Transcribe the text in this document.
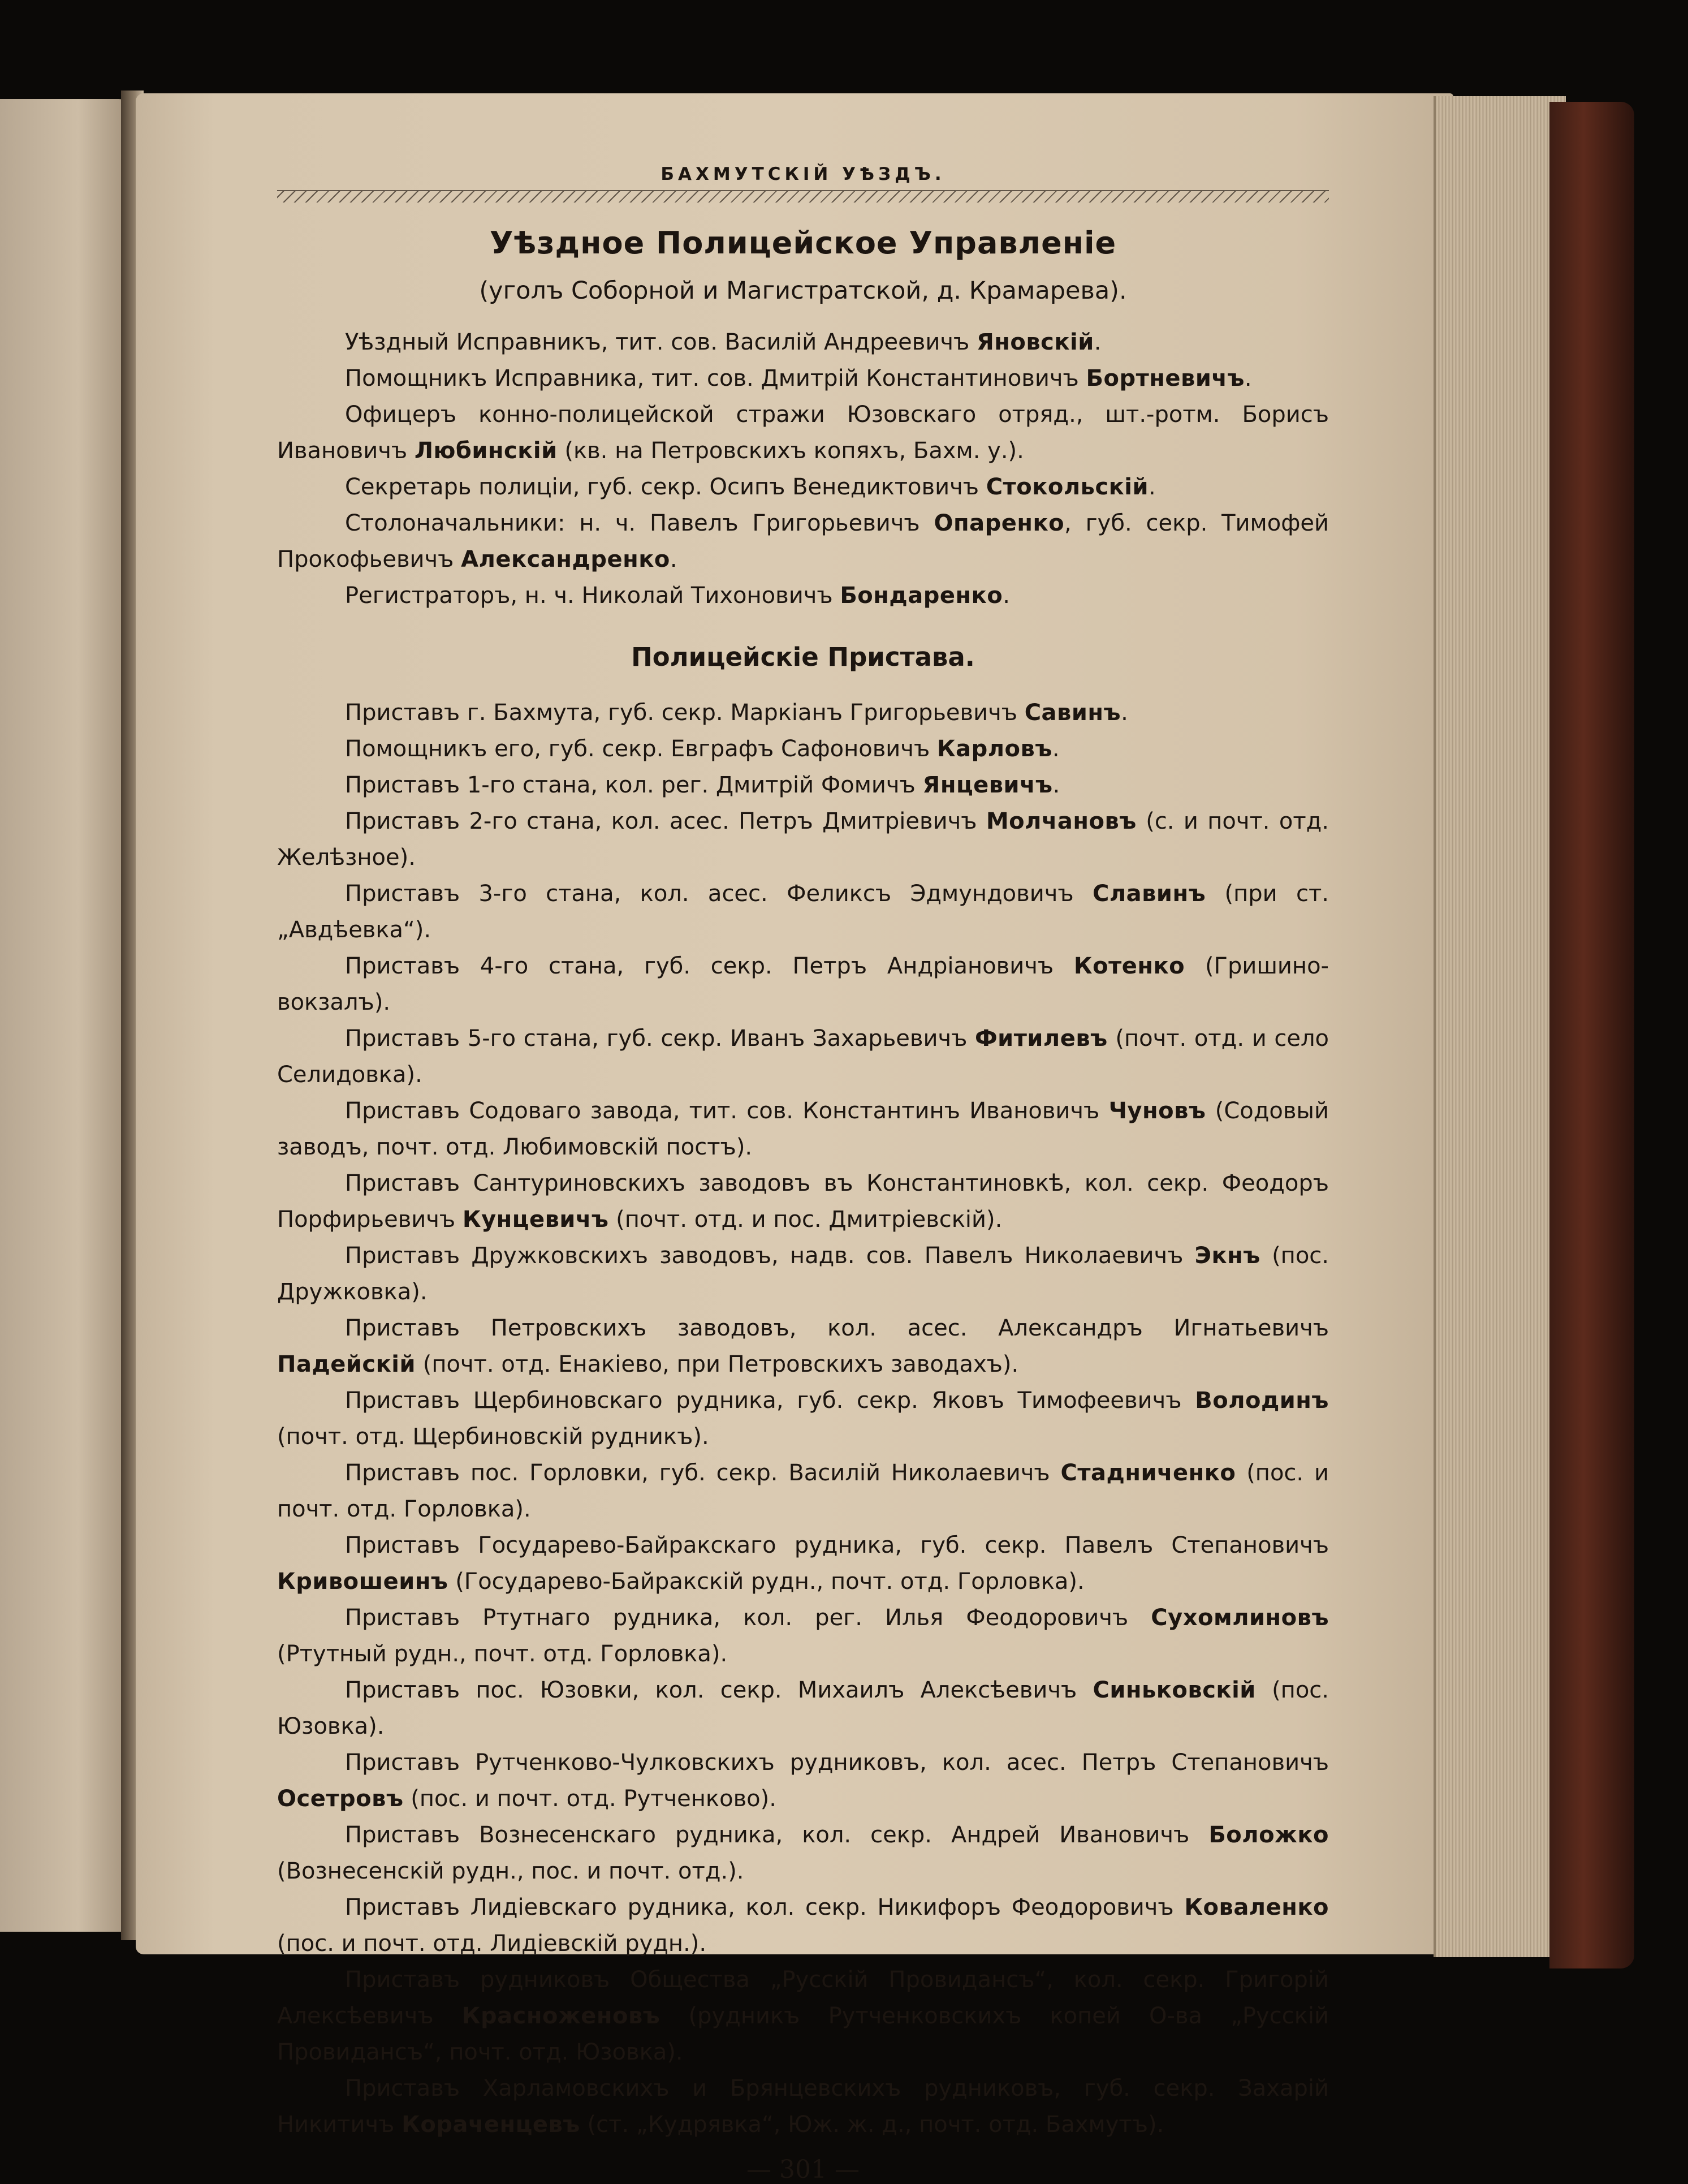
БАХМУТСКІЙ УѢЗДЪ.
Уѣздное Полицейское Управленіе
(уголъ Соборной и Магистратской, д. Крамарева).

Уѣздный Исправникъ, тит. сов. Василій Андреевичъ Яновскій.

Помощникъ Исправника, тит. сов. Дмитрій Константиновичъ Бортневичъ.

Офицеръ конно-полицейской стражи Юзовскаго отряд., шт.-ротм. Борисъ Ивановичъ Любинскій (кв. на Петровскихъ копяхъ, Бахм. у.).

Секретарь полиціи, губ. секр. Осипъ Венедиктовичъ Стокольскій.

Столоначальники: н. ч. Павелъ Григорьевичъ Опаренко, губ. секр. Тимофей Прокофьевичъ Александренко.

Регистраторъ, н. ч. Николай Тихоновичъ Бондаренко.

Полицейскіе Пристава.

Приставъ г. Бахмута, губ. секр. Маркіанъ Григорьевичъ Савинъ.

Помощникъ его, губ. секр. Евграфъ Сафоновичъ Карловъ.

Приставъ 1-го стана, кол. рег. Дмитрій Фомичъ Янцевичъ.

Приставъ 2-го стана, кол. асес. Петръ Дмитріевичъ Молчановъ (с. и почт. отд. Желѣзное).

Приставъ 3-го стана, кол. асес. Феликсъ Эдмундовичъ Славинъ (при ст. „Авдѣевка“).

Приставъ 4-го стана, губ. секр. Петръ Андріановичъ Котенко (Гришино-вокзалъ).

Приставъ 5-го стана, губ. секр. Иванъ Захарьевичъ Фитилевъ (почт. отд. и село Селидовка).

Приставъ Содоваго завода, тит. сов. Константинъ Ивановичъ Чуновъ (Содовый заводъ, почт. отд. Любимовскій постъ).

Приставъ Сантуриновскихъ заводовъ въ Константиновкѣ, кол. секр. Феодоръ Порфирьевичъ Кунцевичъ (почт. отд. и пос. Дмитріевскій).

Приставъ Дружковскихъ заводовъ, надв. сов. Павелъ Николаевичъ Экнъ (пос. Дружковка).

Приставъ Петровскихъ заводовъ, кол. асес. Александръ Игнатьевичъ Падейскій (почт. отд. Енакіево, при Петровскихъ заводахъ).

Приставъ Щербиновскаго рудника, губ. секр. Яковъ Тимофеевичъ Володинъ (почт. отд. Щербиновскій рудникъ).

Приставъ пос. Горловки, губ. секр. Василій Николаевичъ Стадниченко (пос. и почт. отд. Горловка).

Приставъ Государево-Байракскаго рудника, губ. секр. Павелъ Степановичъ Кривошеинъ (Государево-Байракскій рудн., почт. отд. Горловка).

Приставъ Ртутнаго рудника, кол. рег. Илья Феодоровичъ Сухомлиновъ (Ртутный рудн., почт. отд. Горловка).

Приставъ пос. Юзовки, кол. секр. Михаилъ Алексѣевичъ Синьковскій (пос. Юзовка).

Приставъ Рутченково-Чулковскихъ рудниковъ, кол. асес. Петръ Степановичъ Осетровъ (пос. и почт. отд. Рутченково).

Приставъ Вознесенскаго рудника, кол. секр. Андрей Ивановичъ Боложко (Вознесенскій рудн., пос. и почт. отд.).

Приставъ Лидіевскаго рудника, кол. секр. Никифоръ Феодоровичъ Коваленко (пос. и почт. отд. Лидіевскій рудн.).

Приставъ рудниковъ Общества „Русскій Провидансъ“, кол. секр. Григорій Алексѣевичъ Красноженовъ (рудникъ Рутченковскихъ копей О-ва „Русскій Провидансъ“, почт. отд. Юзовка).

Приставъ Харламовскихъ и Брянцевскихъ рудниковъ, губ. секр. Захарій Никитичъ Кораченцевъ (ст. „Кудрявка“, Юж. ж. д., почт. отд. Бахмутъ).

— 301 —
